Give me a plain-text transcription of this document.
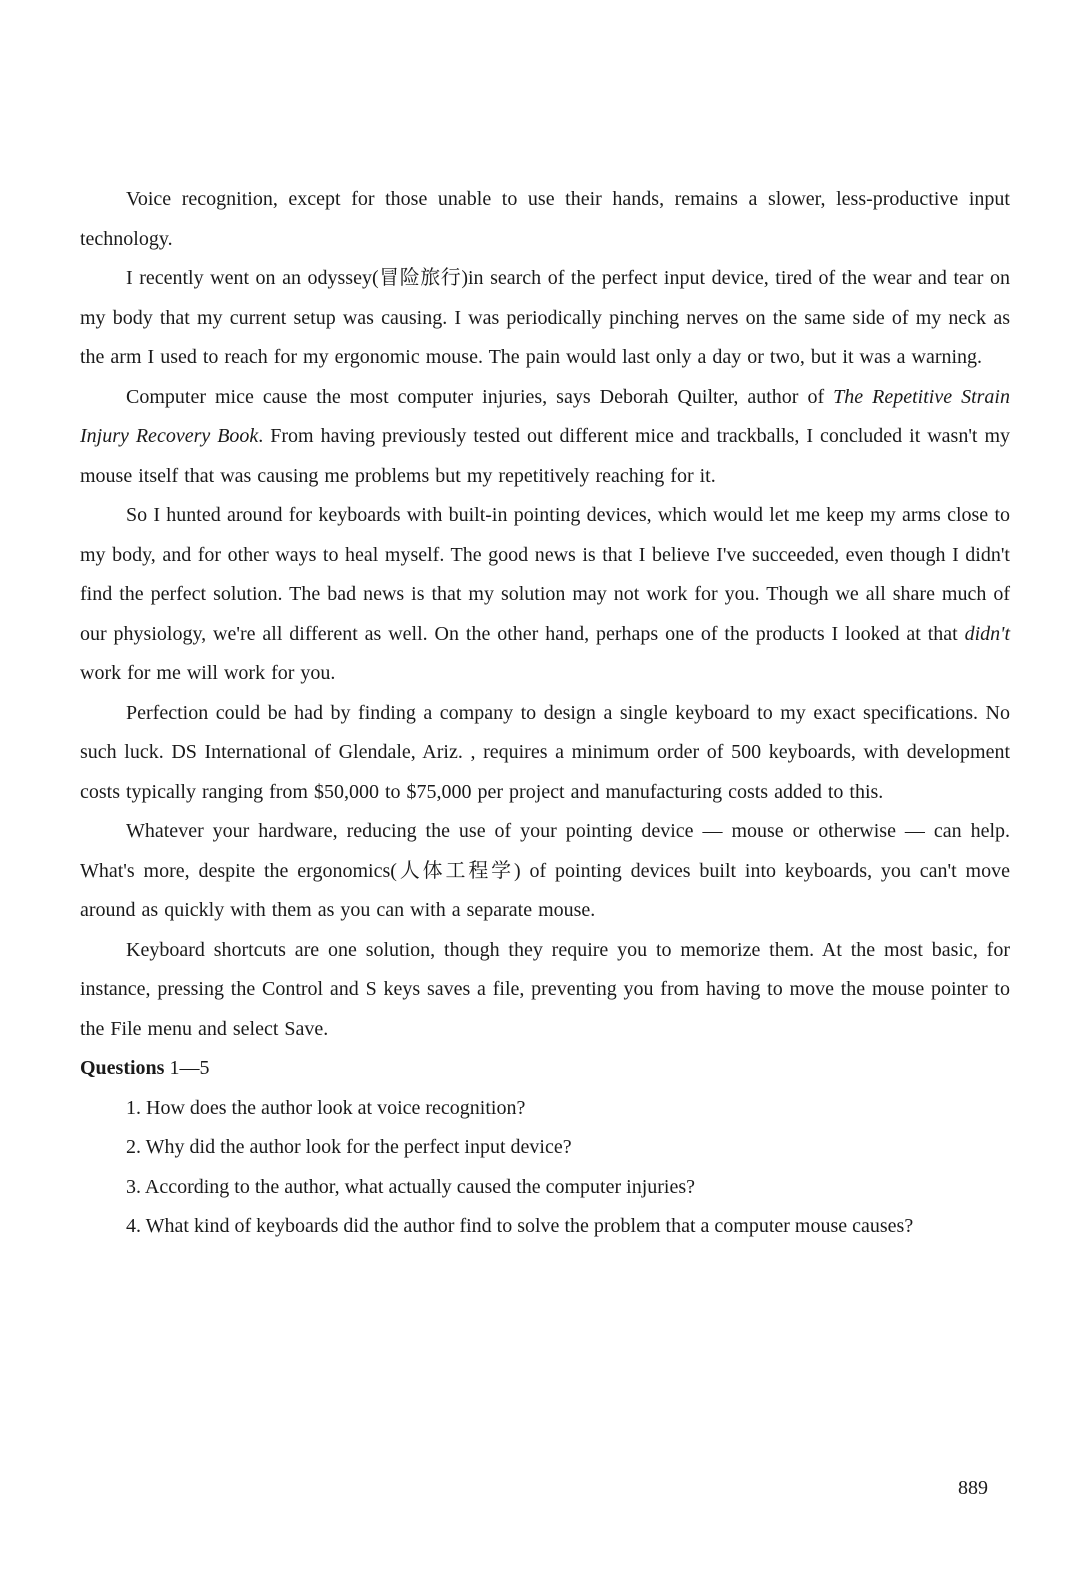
Voice recognition, except for those unable to use their hands, remains a slower, less-productive input technology.

I recently went on an odyssey(冒险旅行)in search of the perfect input device, tired of the wear and tear on my body that my current setup was causing. I was periodically pinching nerves on the same side of my neck as the arm I used to reach for my ergonomic mouse. The pain would last only a day or two, but it was a warning.

Computer mice cause the most computer injuries, says Deborah Quilter, author of The Repetitive Strain Injury Recovery Book. From having previously tested out different mice and trackballs, I concluded it wasn't my mouse itself that was causing me problems but my repetitively reaching for it.

So I hunted around for keyboards with built-in pointing devices, which would let me keep my arms close to my body, and for other ways to heal myself. The good news is that I believe I've succeeded, even though I didn't find the perfect solution. The bad news is that my solution may not work for you. Though we all share much of our physiology, we're all different as well. On the other hand, perhaps one of the products I looked at that didn't work for me will work for you.

Perfection could be had by finding a company to design a single keyboard to my exact specifications. No such luck. DS International of Glendale, Ariz. , requires a minimum order of 500 keyboards, with development costs typically ranging from $50,000 to $75,000 per project and manufacturing costs added to this.

Whatever your hardware, reducing the use of your pointing device — mouse or otherwise — can help. What's more, despite the ergonomics(人体工程学) of pointing devices built into keyboards, you can't move around as quickly with them as you can with a separate mouse.

Keyboard shortcuts are one solution, though they require you to memorize them. At the most basic, for instance, pressing the Control and S keys saves a file, preventing you from having to move the mouse pointer to the File menu and select Save.

Questions 1—5

1. How does the author look at voice recognition?

2. Why did the author look for the perfect input device?

3. According to the author, what actually caused the computer injuries?

4. What kind of keyboards did the author find to solve the problem that a computer mouse causes?

889
